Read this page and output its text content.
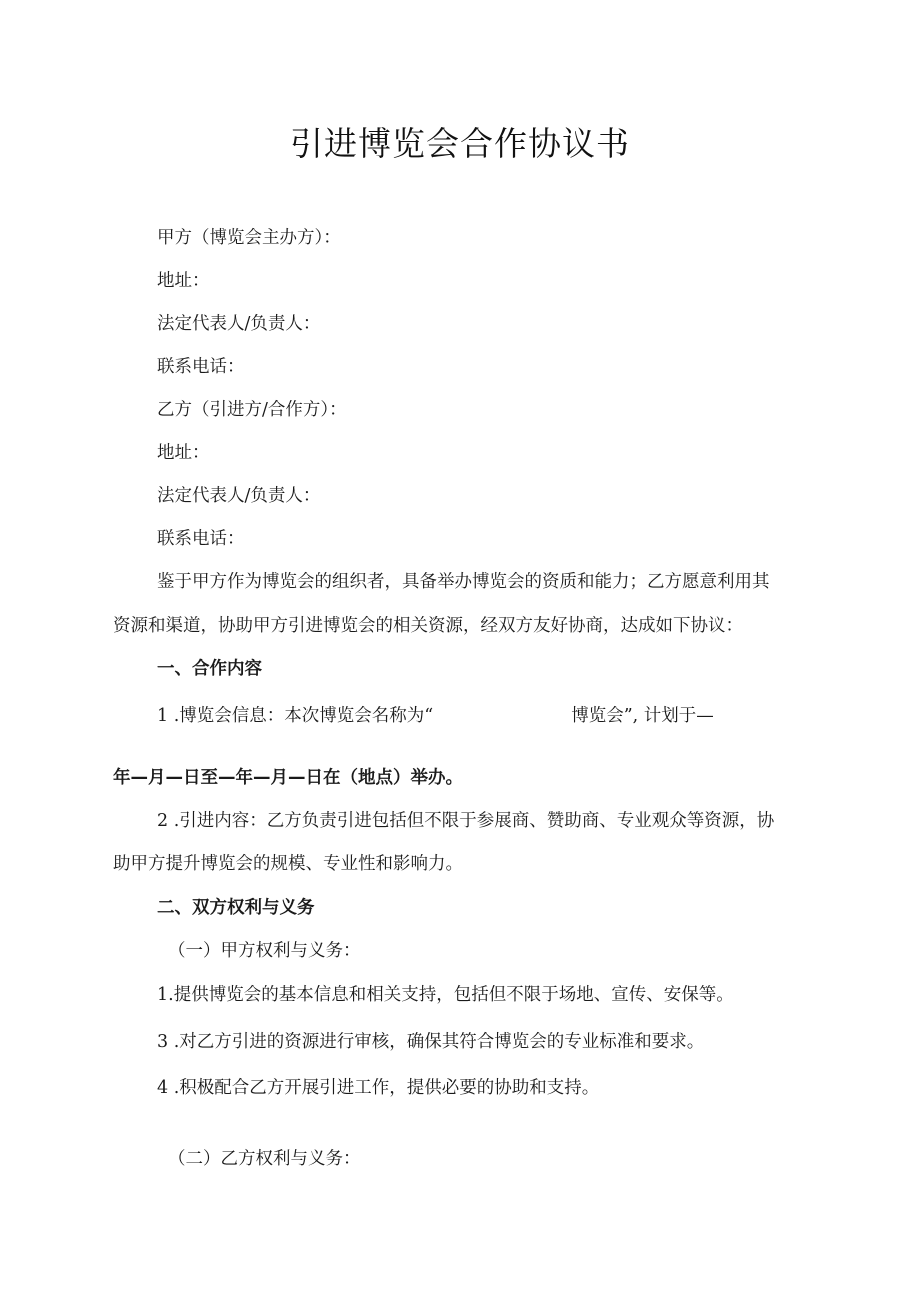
引进博览会合作协议书
甲方（博览会主办方）：
地址：
法定代表人/负责人：
联系电话：
乙方（引进方/合作方）：
地址：
法定代表人/负责人：
联系电话：
鉴于甲方作为博览会的组织者，具备举办博览会的资质和能力；乙方愿意利用其
资源和渠道，协助甲方引进博览会的相关资源，经双方友好协商，达成如下协议：
一、合作内容
1 .博览会信息：本次博览会名称为“	博览会”, 计划于—
年—月—日至—年—月—日在（地点）举办。
2 .引进内容：乙方负责引进包括但不限于参展商、赞助商、专业观众等资源，协
助甲方提升博览会的规模、专业性和影响力。
二、双方权利与义务
（一）甲方权利与义务：
1.提供博览会的基本信息和相关支持，包括但不限于场地、宣传、安保等。
3 .对乙方引进的资源进行审核，确保其符合博览会的专业标准和要求。
4 .积极配合乙方开展引进工作，提供必要的协助和支持。
（二）乙方权利与义务：
